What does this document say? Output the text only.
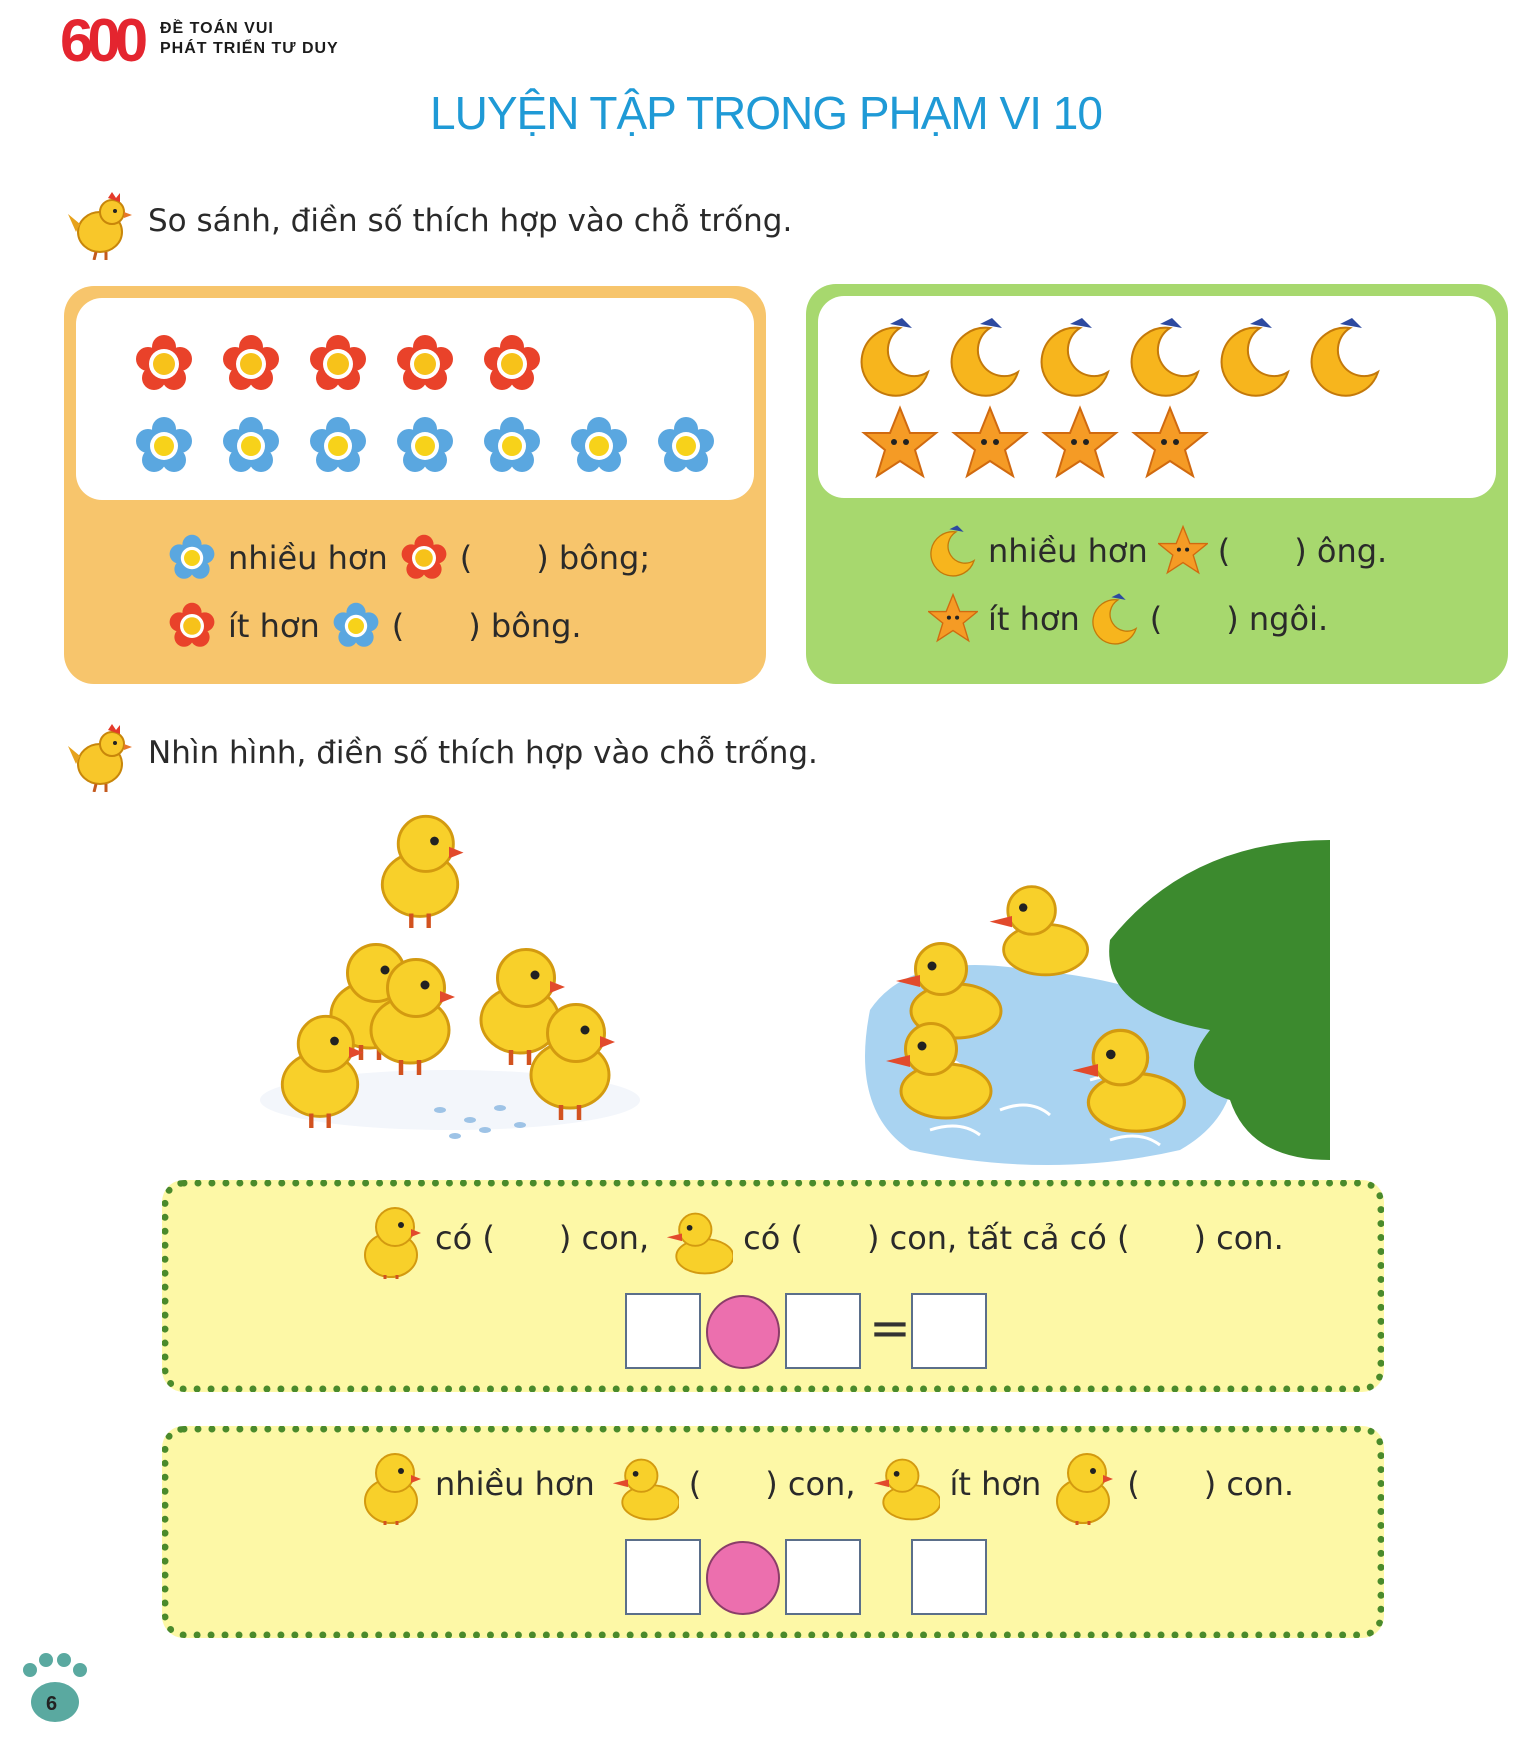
600 ĐỀ TOÁN VUI
PHÁT TRIỂN TƯ DUY
LUYỆN TẬP TRONG PHẠM VI 10
So sánh, điền số thích hợp vào chỗ trống.
nhiều hơn ( ) bông;
ít hơn ( ) bông.
nhiều hơn ( ) ông.
ít hơn ( ) ngôi.
Nhìn hình, điền số thích hợp vào chỗ trống.
có ( ) con,	có ( ) con, tất cả có ( ) con.
=
nhiều hơn	( ) con,	ít hơn	( ) con.
6
